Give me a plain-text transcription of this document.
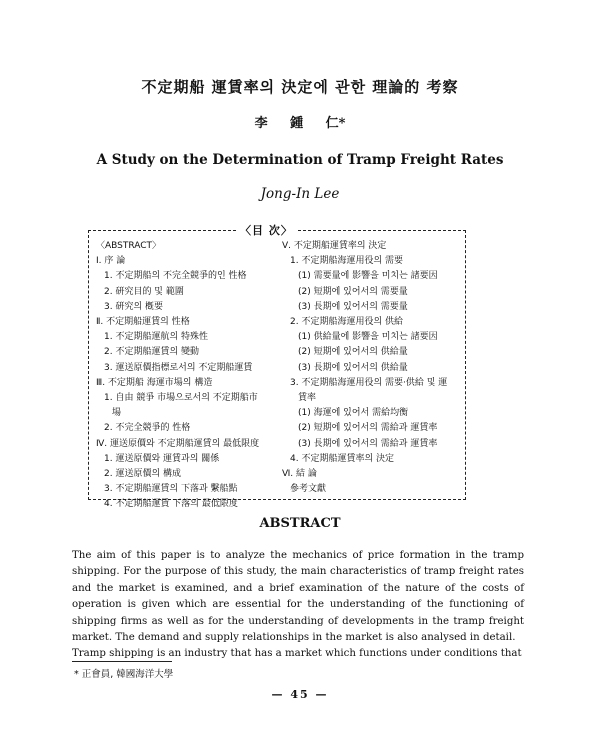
不定期船 運賃率의 決定에 관한 理論的 考察
李 鍾 仁*
A Study on the Determination of Tramp Freight Rates
Jong-In Lee
〈目 次〉
〈ABSTRACT〉
Ⅰ. 序 論
1. 不定期船의 不完全競爭的인 性格
2. 硏究目的 및 範圍
3. 硏究의 槪要
Ⅱ. 不定期船運賃의 性格
1. 不定期船運航의 特殊性
2. 不定期船運賃의 變動
3. 運送原價指標로서의 不定期船運賃
Ⅲ. 不定期船 海運市場의 構造
1. 自由 競爭 市場으로서의 不定期船市
場
2. 不完全競爭的 性格
Ⅳ. 運送原價와 不定期船運賃의 最低限度
1. 運送原價와 運賃과의 關係
2. 運送原價의 構成
3. 不定期船運賃의 下落과 繫船點
4. 不定期船運賃 下落의 最低限度
Ⅴ. 不定期船運賃率의 決定
1. 不定期船海運用役의 需要
(1) 需要量에 影響을 미치는 諸要因
(2) 短期에 있어서의 需要量
(3) 長期에 있어서의 需要量
2. 不定期船海運用役의 供給
(1) 供給量에 影響을 미치는 諸要因
(2) 短期에 있어서의 供給量
(3) 長期에 있어서의 供給量
3. 不定期船海運用役의 需要·供給 및 運
賃率
(1) 海運에 있어서 需給均衡
(2) 短期에 있어서의 需給과 運賃率
(3) 長期에 있어서의 需給과 運賃率
4. 不定期船運賃率의 決定
Ⅵ. 結 論
參考文獻
ABSTRACT

The aim of this paper is to analyze the mechanics of price formation in the tramp shipping. For the purpose of this study, the main characteristics of tramp freight rates and the market is examined, and a brief examination of the nature of the costs of operation is given which are essential for the understanding of the functioning of shipping firms as well as for the understanding of developments in the tramp freight market. The demand and supply relationships in the market is also analysed in detail.

Tramp shipping is an industry that has a market which functions under conditions that

* 正會員, 韓國海洋大學
— 45 —
